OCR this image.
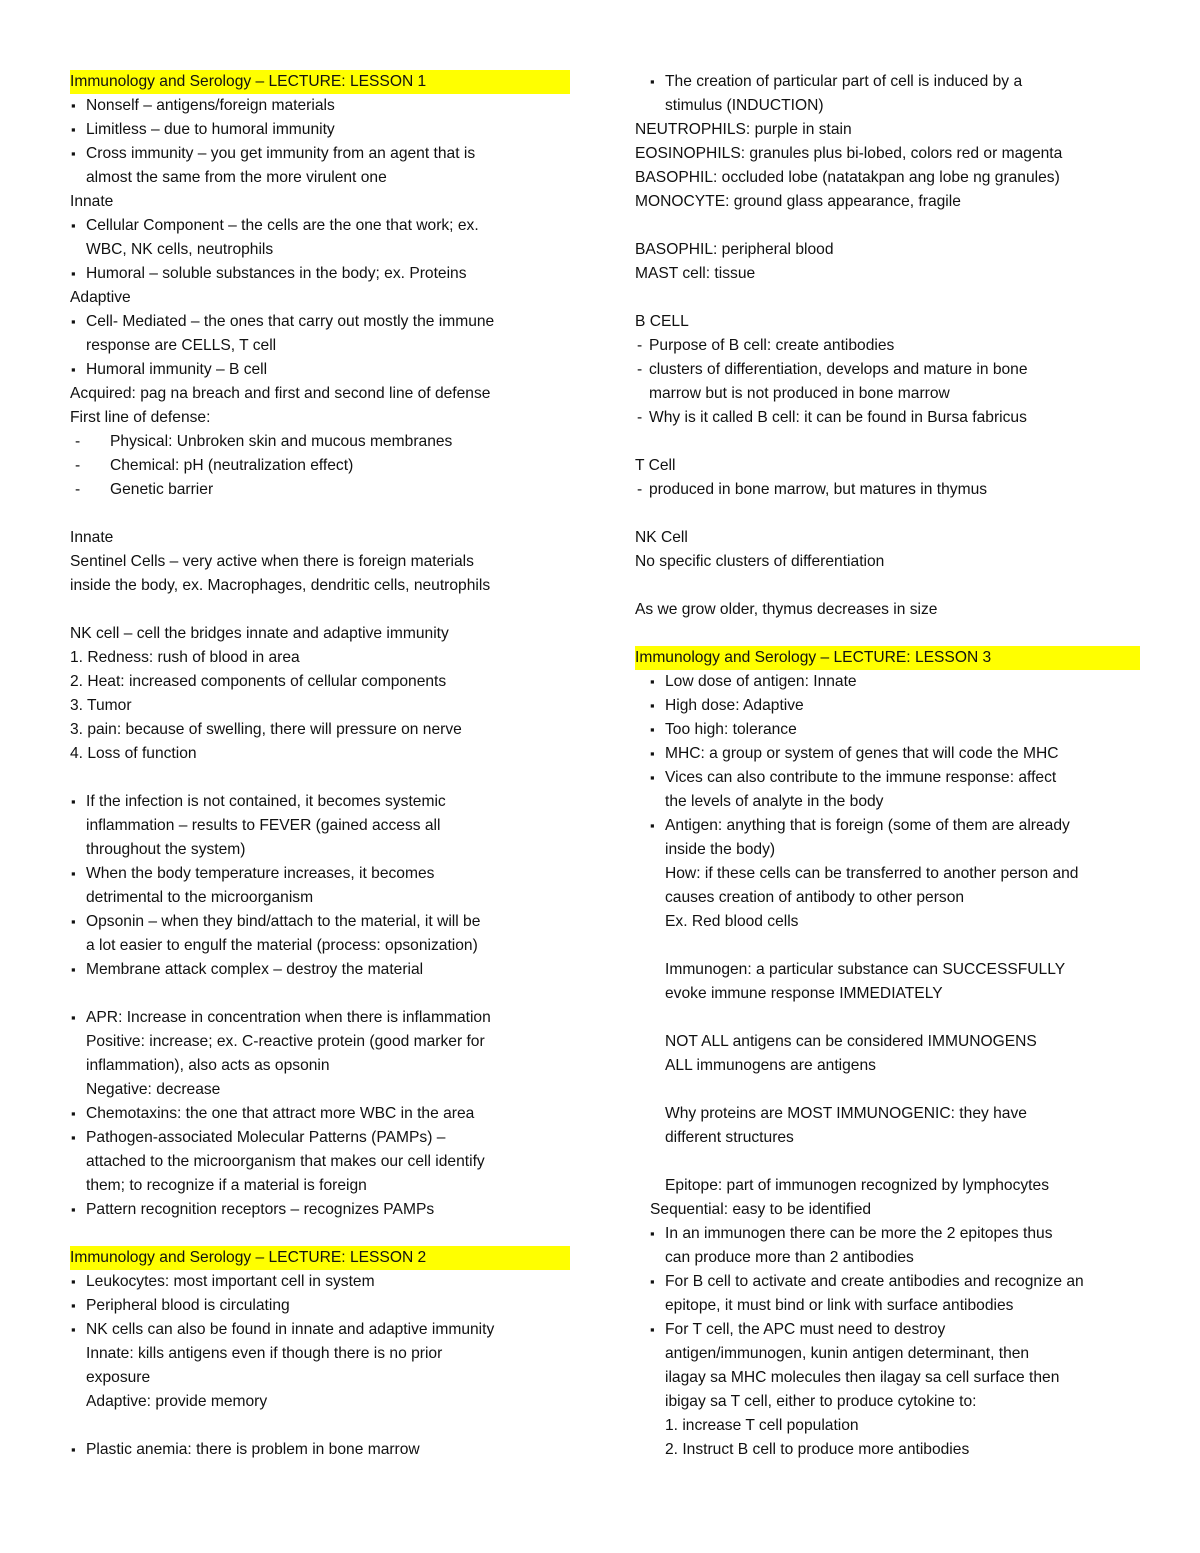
Immunology and Serology – LECTURE: LESSON 1
▪ Nonself – antigens/foreign materials
▪ Limitless – due to humoral immunity
▪ Cross immunity – you get immunity from an agent that is
almost the same from the more virulent one
Innate
▪ Cellular Component – the cells are the one that work; ex.
WBC, NK cells, neutrophils
▪ Humoral – soluble substances in the body; ex. Proteins
Adaptive
▪ Cell- Mediated – the ones that carry out mostly the immune
response are CELLS, T cell
▪ Humoral immunity – B cell
Acquired: pag na breach and first and second line of defense
First line of defense:
- Physical: Unbroken skin and mucous membranes
- Chemical: pH (neutralization effect)
- Genetic barrier
Innate
Sentinel Cells – very active when there is foreign materials
inside the body, ex. Macrophages, dendritic cells, neutrophils
NK cell – cell the bridges innate and adaptive immunity
1. Redness: rush of blood in area
2. Heat: increased components of cellular components
3. Tumor
3. pain: because of swelling, there will pressure on nerve
4. Loss of function
▪ If the infection is not contained, it becomes systemic
inflammation – results to FEVER (gained access all
throughout the system)
▪ When the body temperature increases, it becomes
detrimental to the microorganism
▪ Opsonin – when they bind/attach to the material, it will be
a lot easier to engulf the material (process: opsonization)
▪ Membrane attack complex – destroy the material
▪ APR: Increase in concentration when there is inflammation
Positive: increase; ex. C-reactive protein (good marker for
inflammation), also acts as opsonin
Negative: decrease
▪ Chemotaxins: the one that attract more WBC in the area
▪ Pathogen-associated Molecular Patterns (PAMPs) –
attached to the microorganism that makes our cell identify
them; to recognize if a material is foreign
▪ Pattern recognition receptors – recognizes PAMPs
Immunology and Serology – LECTURE: LESSON 2
▪ Leukocytes: most important cell in system
▪ Peripheral blood is circulating
▪ NK cells can also be found in innate and adaptive immunity
Innate: kills antigens even if though there is no prior
exposure
Adaptive: provide memory
▪ Plastic anemia: there is problem in bone marrow
▪ The creation of particular part of cell is induced by a
stimulus (INDUCTION)
NEUTROPHILS: purple in stain
EOSINOPHILS: granules plus bi-lobed, colors red or magenta
BASOPHIL: occluded lobe (natatakpan ang lobe ng granules)
MONOCYTE: ground glass appearance, fragile
BASOPHIL: peripheral blood
MAST cell: tissue
B CELL
- Purpose of B cell: create antibodies
- clusters of differentiation, develops and mature in bone
marrow but is not produced in bone marrow
- Why is it called B cell: it can be found in Bursa fabricus
T Cell
- produced in bone marrow, but matures in thymus
NK Cell
No specific clusters of differentiation
As we grow older, thymus decreases in size
Immunology and Serology – LECTURE: LESSON 3
▪ Low dose of antigen: Innate
▪ High dose: Adaptive
▪ Too high: tolerance
▪ MHC: a group or system of genes that will code the MHC
▪ Vices can also contribute to the immune response: affect
the levels of analyte in the body
▪ Antigen: anything that is foreign (some of them are already
inside the body)
How: if these cells can be transferred to another person and
causes creation of antibody to other person
Ex. Red blood cells
Immunogen: a particular substance can SUCCESSFULLY
evoke immune response IMMEDIATELY
NOT ALL antigens can be considered IMMUNOGENS
ALL immunogens are antigens
Why proteins are MOST IMMUNOGENIC: they have
different structures
Epitope: part of immunogen recognized by lymphocytes
Sequential: easy to be identified
▪ In an immunogen there can be more the 2 epitopes thus
can produce more than 2 antibodies
▪ For B cell to activate and create antibodies and recognize an
epitope, it must bind or link with surface antibodies
▪ For T cell, the APC must need to destroy
antigen/immunogen, kunin antigen determinant, then
ilagay sa MHC molecules then ilagay sa cell surface then
ibigay sa T cell, either to produce cytokine to:
1. increase T cell population
2. Instruct B cell to produce more antibodies
